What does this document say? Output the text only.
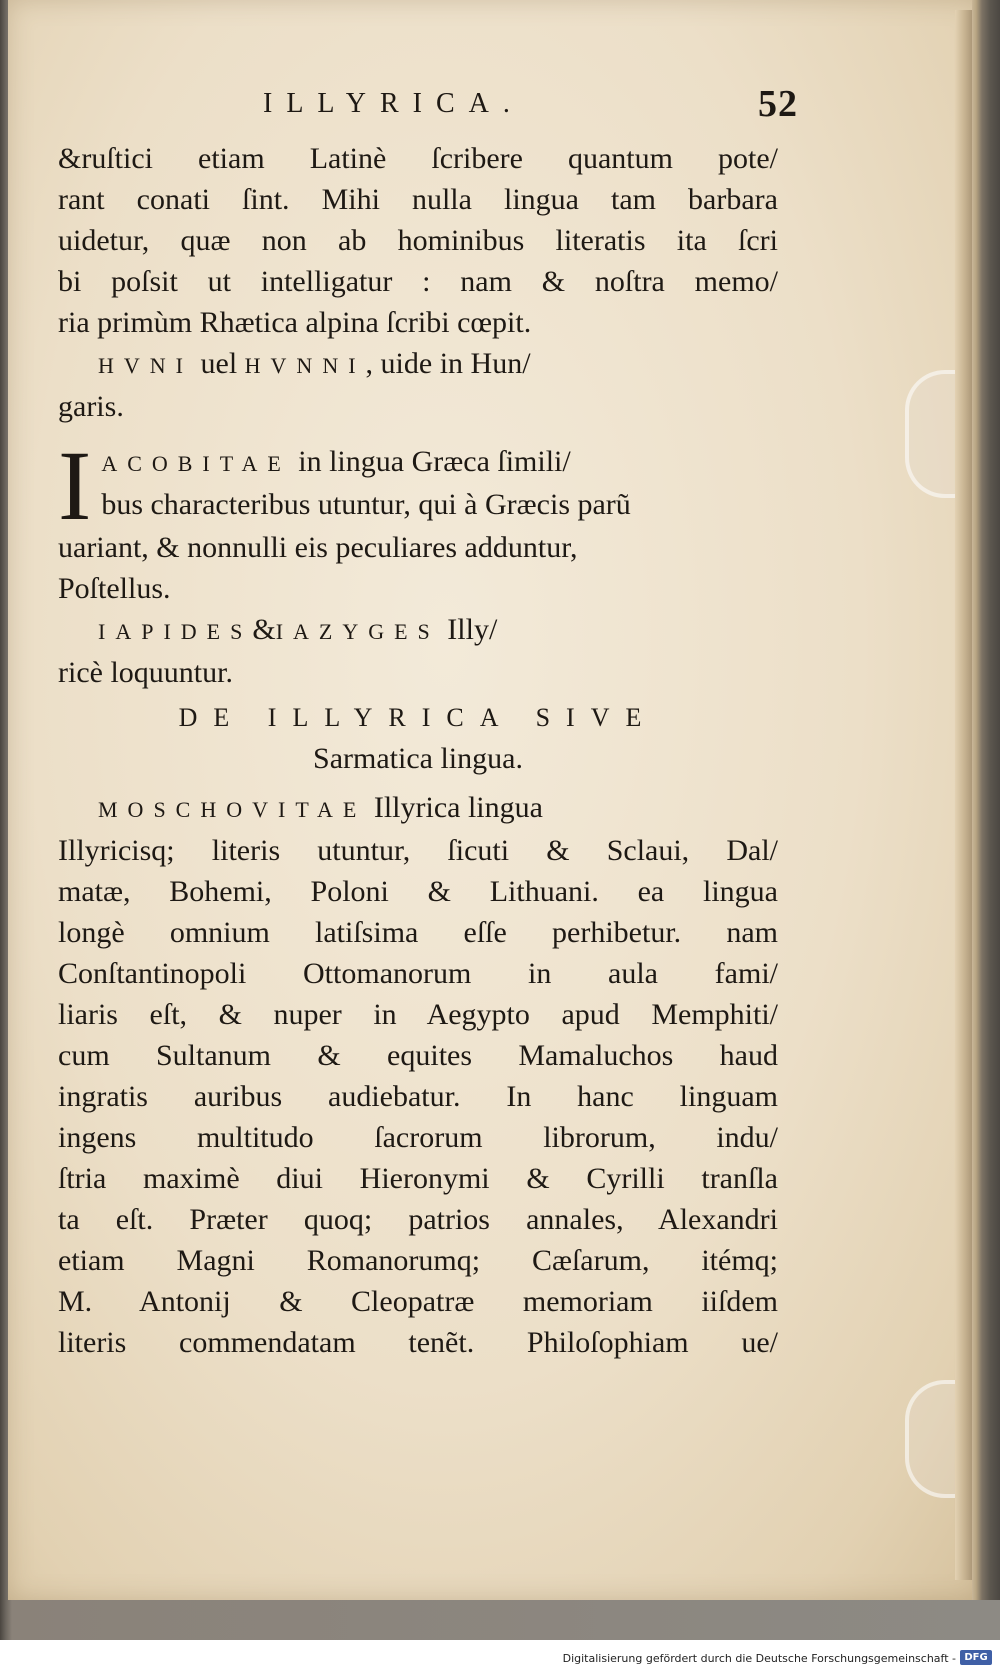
ILLYRICA.	52
&ruſtici etiam Latinè ſcribere quantum pote/
rant conati ſint. Mihi nulla lingua tam barbara
uidetur, quæ non ab hominibus literatis ita ſcri
bi poſsit ut intelligatur : nam & noſtra memo/
ria primùm Rhætica alpina ſcribi cœpit.
HVNI uel HVNNI, uide in Hun/
garis.
I ACOBITAE in lingua Græca ſimili/
bus characteribus utuntur, qui à Græcis parũ
uariant, & nonnulli eis peculiares adduntur,
Poſtellus.
IAPIDES&IAZYGES Illy/
ricè loquuntur.
DE ILLYRICA SIVE
Sarmatica lingua.
MOSCHOVITAE Illyrica lingua
Illyricisq; literis utuntur, ſicuti & Sclaui, Dal/
matæ, Bohemi, Poloni & Lithuani. ea lingua
longè omnium latiſsima eſſe perhibetur. nam
Conſtantinopoli Ottomanorum in aula fami/
liaris eſt, & nuper in Aegypto apud Memphiti/
cum Sultanum & equites Mamaluchos haud
ingratis auribus audiebatur. In hanc linguam
ingens multitudo ſacrorum librorum, indu/
ſtria maximè diui Hieronymi & Cyrilli tranſla
ta eſt. Præter quoq; patrios annales, Alexandri
etiam Magni Romanorumq; Cæſarum, itémq;
M. Antonij & Cleopatræ memoriam iiſdem
literis commendatam tenẽt. Philoſophiam ue/
Digitalisierung gefördert durch die Deutsche Forschungsgemeinschaft - DFG
